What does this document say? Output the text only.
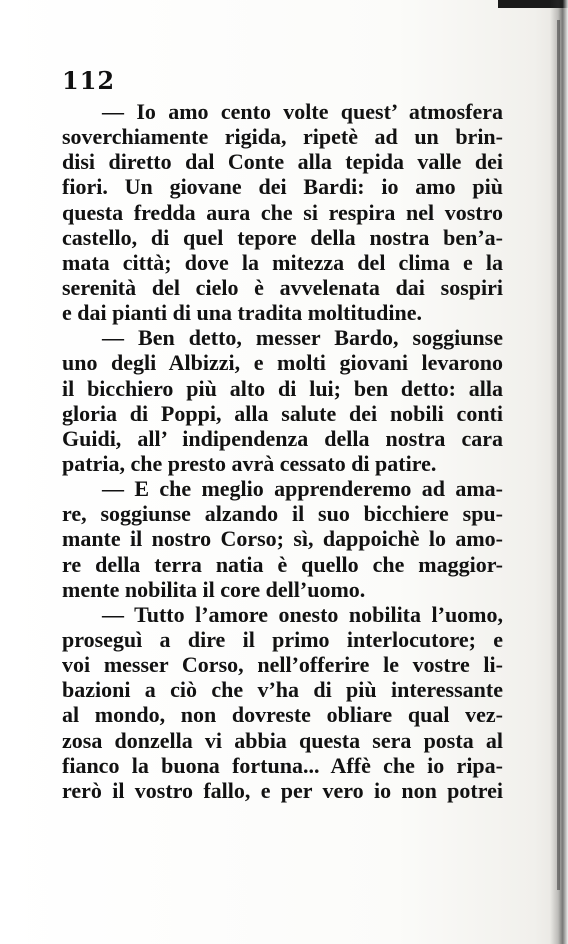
112
— Io amo cento volte quest’ atmosfera
soverchiamente rigida, ripetè ad un brin-
disi diretto dal Conte alla tepida valle dei
fiori. Un giovane dei Bardi: io amo più
questa fredda aura che si respira nel vostro
castello, di quel tepore della nostra ben’a-
mata città; dove la mitezza del clima e la
serenità del cielo è avvelenata dai sospiri
e dai pianti di una tradita moltitudine.
— Ben detto, messer Bardo, soggiunse
uno degli Albizzi, e molti giovani levarono
il bicchiero più alto di lui; ben detto: alla
gloria di Poppi, alla salute dei nobili conti
Guidi, all’ indipendenza della nostra cara
patria, che presto avrà cessato di patire.
— E che meglio apprenderemo ad ama-
re, soggiunse alzando il suo bicchiere spu-
mante il nostro Corso; sì, dappoichè lo amo-
re della terra natia è quello che maggior-
mente nobilita il core dell’uomo.
— Tutto l’amore onesto nobilita l’uomo,
proseguì a dire il primo interlocutore; e
voi messer Corso, nell’offerire le vostre li-
bazioni a ciò che v’ha di più interessante
al mondo, non dovreste obliare qual vez-
zosa donzella vi abbia questa sera posta al
fianco la buona fortuna... Affè che io ripa-
rerò il vostro fallo, e per vero io non potrei
